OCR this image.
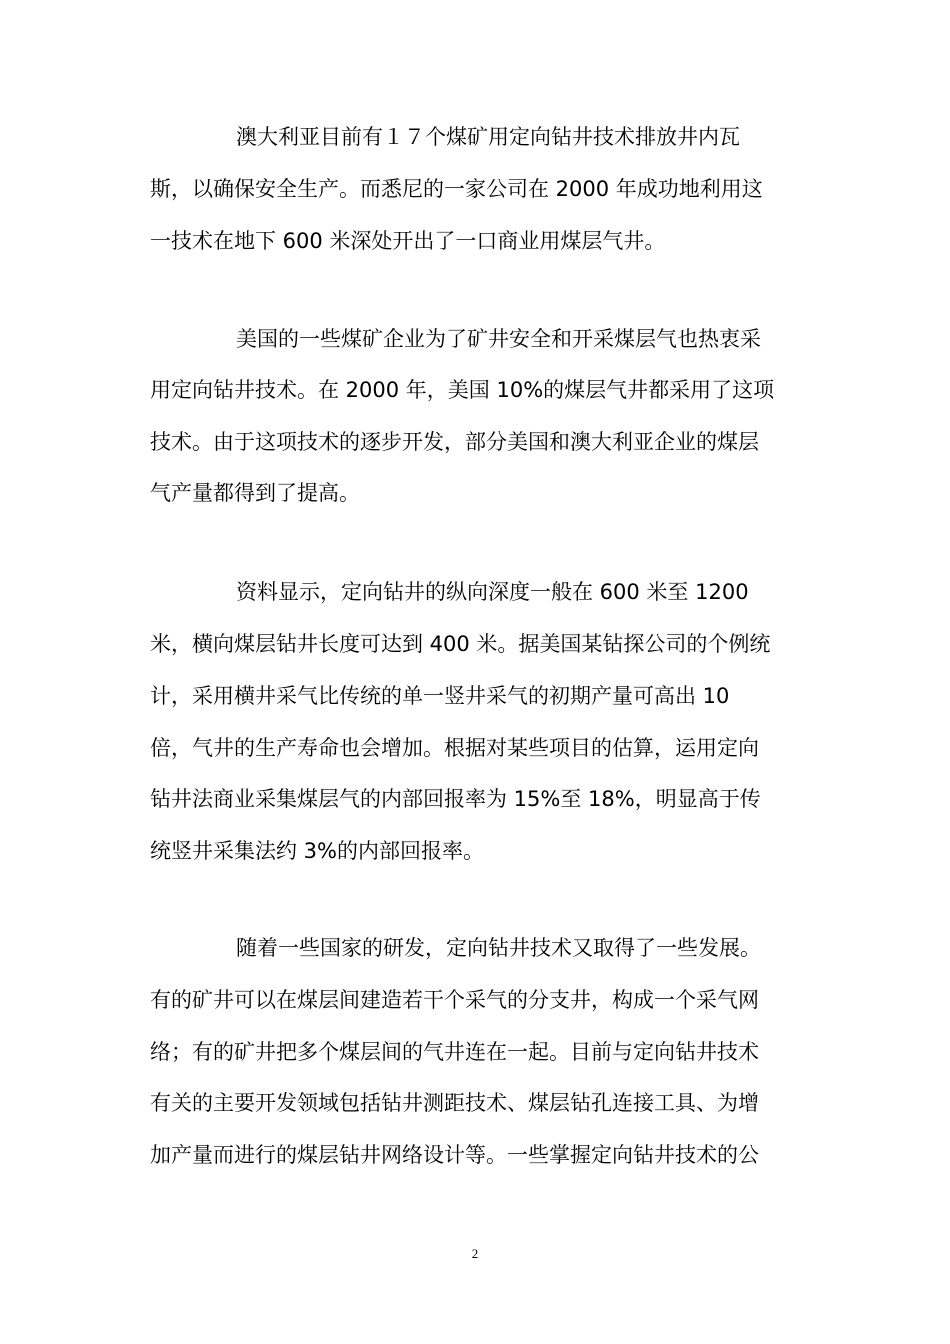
澳大利亚目前有１７个煤矿用定向钻井技术排放井内瓦
斯，以确保安全生产。而悉尼的一家公司在 2000 年成功地利用这
一技术在地下 600 米深处开出了一口商业用煤层气井。
美国的一些煤矿企业为了矿井安全和开采煤层气也热衷采
用定向钻井技术。在 2000 年，美国 10%的煤层气井都采用了这项
技术。由于这项技术的逐步开发，部分美国和澳大利亚企业的煤层
气产量都得到了提高。
资料显示，定向钻井的纵向深度一般在 600 米至 1200
米，横向煤层钻井长度可达到 400 米。据美国某钻探公司的个例统
计，采用横井采气比传统的单一竖井采气的初期产量可高出 10
倍，气井的生产寿命也会增加。根据对某些项目的估算，运用定向
钻井法商业采集煤层气的内部回报率为 15%至 18%，明显高于传
统竖井采集法约 3%的内部回报率。
随着一些国家的研发，定向钻井技术又取得了一些发展。
有的矿井可以在煤层间建造若干个采气的分支井，构成一个采气网
络；有的矿井把多个煤层间的气井连在一起。目前与定向钻井技术
有关的主要开发领域包括钻井测距技术、煤层钻孔连接工具、为增
加产量而进行的煤层钻井网络设计等。一些掌握定向钻井技术的公
2
